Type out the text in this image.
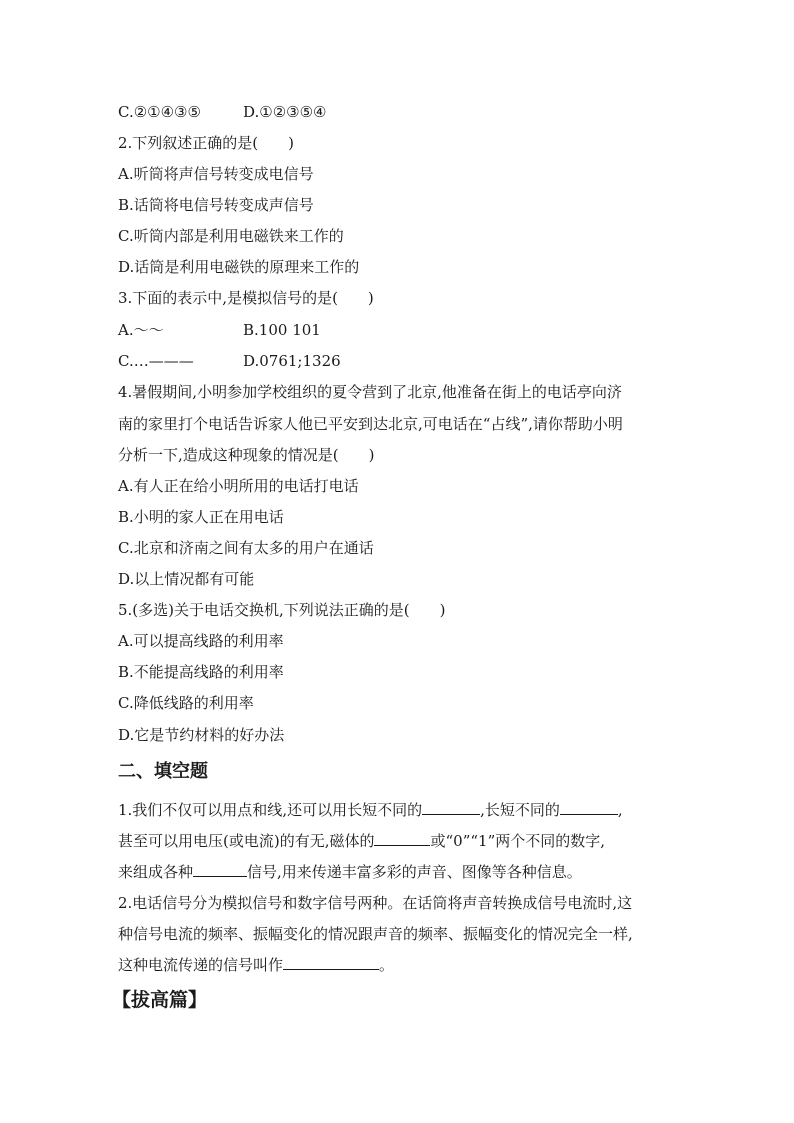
C.②①④③⑤	D.①②③⑤④
2.下列叙述正确的是(　　)
A.听筒将声信号转变成电信号
B.话筒将电信号转变成声信号
C.听筒内部是利用电磁铁来工作的
D.话筒是利用电磁铁的原理来工作的
3.下面的表示中,是模拟信号的是(　　)
A.〜〜	B.100 101
C.…———	D.0761;1326
4.暑假期间,小明参加学校组织的夏令营到了北京,他准备在街上的电话亭向济
南的家里打个电话告诉家人他已平安到达北京,可电话在“占线”,请你帮助小明
分析一下,造成这种现象的情况是(　　)
A.有人正在给小明所用的电话打电话
B.小明的家人正在用电话
C.北京和济南之间有太多的用户在通话
D.以上情况都有可能
5.(多选)关于电话交换机,下列说法正确的是(　　)
A.可以提高线路的利用率
B.不能提高线路的利用率
C.降低线路的利用率
D.它是节约材料的好办法
二、填空题
1.我们不仅可以用点和线,还可以用长短不同的	,长短不同的	,
甚至可以用电压(或电流)的有无,磁体的	或“0”“1”两个不同的数字,
来组成各种	信号,用来传递丰富多彩的声音、图像等各种信息。
2.电话信号分为模拟信号和数字信号两种。在话筒将声音转换成信号电流时,这
种信号电流的频率、振幅变化的情况跟声音的频率、振幅变化的情况完全一样,
这种电流传递的信号叫作	。
【拔高篇】
